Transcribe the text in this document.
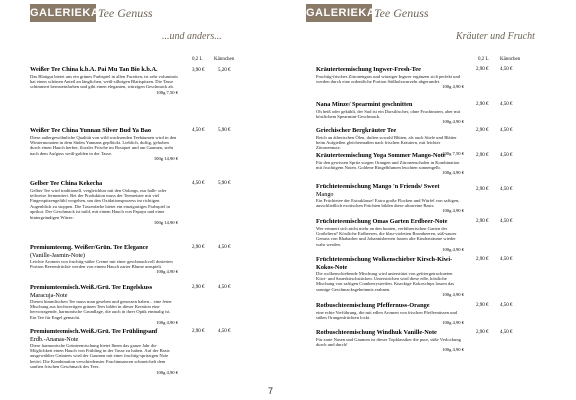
GALERIEKA
Tee Genuss
...und anders...
0,2 L Kännchen
Weißer Tee China k.b.A. Pai Mu Tan Bio k.b.A.
Das Blattgut bietet uns ein grünes Farbspiel in allen Facetten, ist sehr voluminös hat einen schönen Anteil an länglichen, weiß-silbrigen Blattspitzen. Die Tasse schimmert bernsteinfarben und gibt einen eleganten, würzigen Geschmack ab.
100g 7,50 €
3,90 €	5,20 €
Weißer Tee China Yunnan Silver Bud Ya Bao
Diese außergewöhnliche Qualität von wild wachsenden Teebäumen wird in den Wintermonaten in dem Süden Yunnans gepflückt. Lieblich, duftig, gehoben durch einen Hauch herber, floraler Frische im Bouquet und am Gaumen, steht nach dem Aufguss weiß-golden in der Tasse.
100g 14,90 €
4,50 €	5,90 €
Gelber Tee China Kekecha
Gelber Tee wird traditionell, vergleichbar mit den Oolongs, nur halb- oder teilweise fermentiert. Bei der Produktion muss der Teemeister mit viel Fingerspitzengefühl vorgehen, um den Oxidationsprozess im richtigen Augenblick zu stoppen. Die Tassenfarbe bietet ein einzigartiges Farbspiel in aprikot. Der Geschmack ist mild, mit einem Hauch von Papaya und einer hintergründigen Würze.
100g 14,90 €
4,50 €	5,90 €
Premiumteemg. Weißer/Grün. Tee Elegance
(Vanille-Jasmin-Note)
Leichte Aromen von fruchtig-süßer Creme mit einer geschmackvoll dosierten Portion Beerenfrüchte werden von einem Hauch zarter Blume umspielt.
100g 4,90 €
2,90 €	4,50 €
Premiumteemisch.Weiß./Grü. Tee Engelskuss
Maracuja-Note
Diesen himmlischen Tee muss man gesehen und genossen haben... eine feine Mischung aus hochwertigen grünen Tees bildet in dieser Kreation eine hervorragende, harmonische Grundlage, die auch in ihrer Optik einmalig ist. Ein Tee für Engel gemacht.
100g 4,90 €
2,90 €	4,50 €
Premiumteemisch.Weiß./Grü. Tee Frühlingsanf
Erdb.-Ananas-Note
Diese harmonische Grünteemischung bietet Ihnen das ganze Jahr die Möglichkeit einen Hauch von Frühling in der Tasse zu haben. Auf der Basis ausgewählter Grüntees wird der Gaumen mit einer fruchtig-spritzigen Note betört. Die Kombination verschiedenster Fruchtnuancen schmeichelt dem sanften frischen Geschmack des Tees.
100g 4,90 €
2,90 €	4,50 €
GALERIEKA
Tee Genuss
Kräuter und Frucht
0,2 L Kännchen
Kräuterteemischung Ingwer-Fresh-Tee
Fruchtig-frisches Zitronengras und würziger Ingwer ergänzen sich perfekt und werden durch eine ordentliche Portion Süßholzwurzeln abgerundet.
100g 4,90 €
2,90 € 4,50 €
Nana Minze/ Spearmint geschnitten
Oh heiß oder gekühlt, der Sud ist ein Durstlöscher, ohne Fruchtnoten, aber mit köstlichem Spearmint-Geschmack.
100g 4,90 €
2,90 € 4,50 €
Griechischer Bergkräuter Tee
Reich an ätherischen Ölen, duften sowohl Blüten, als auch Stiele und Blätter beim Aufgießen gleichermaßen nach frischen Kräutern, mit leichter Zitronennote.
100g 7,50 €
2,90 € 4,50 €
Kräuterteemischung Yoga Sommer Mango-Note
Für den gewissen Spritz sorgen Orangen und Zitronenschalen in Kombination mit fruchtigem Noten. Goldene Ringelblumen leuchten sonnengelb.
100g 4,90 €
2,90 € 4,50 €
Früchteteemischung Mango 'n Friends/ Sweet
Mango
Ein Früchtetee der Extraklasse! Extra große Flocken und Würfel von saftigen, ausschließlich exotischen Früchten bilden diese ultrareine Basis.
100g 4,90 €
2,90 € 4,50 €
Früchteteemischung Omas Garten Erdbeer-Note
Wer erinnert sich nicht mehr an den bunten, verführerischen Garten der Großeltern? Köstliche Erdbeeren, die blau-violetten Brombeeren, süß-saurer Genuss von Rhabarber und Johannisbeeren lassen alte Kinderträume wieder wahr werden.
100g 4,90 €
2,90 € 4,50 €
Früchteteemischung Wolkenschieber Kirsch-Kiwi-
Kokos-Note
Die wolkenschiebende Mischung wird unterstützt von gefriergetrockneten Kiwi- und Sauerkirschstücken. Unterstrichen wird diese edle, köstliche Mischung von saftigen Cranberrystreifen. Knackige Kokoschips lassen das sonnige Geschmacksgeheimnis erahnen.
100g 4,90 €
2,90 € 4,50 €
Rotbuschteemischung Pfeffernuss-Orange
eine echte Verführung, die mit edlen Aromen von frischen Pfeffernüssen und süßen Orangenfrüchten lockt.
100g 4,90 €
2,90 € 4,50 €
Rotbuschteemischung Windhuk Vanille-Note
Für zarte Nasen und Gaumen ist dieser Topklassiker die pure, süße Verlockung durch und durch!
100g 4,90 €
2,90 € 4,50 €
7
